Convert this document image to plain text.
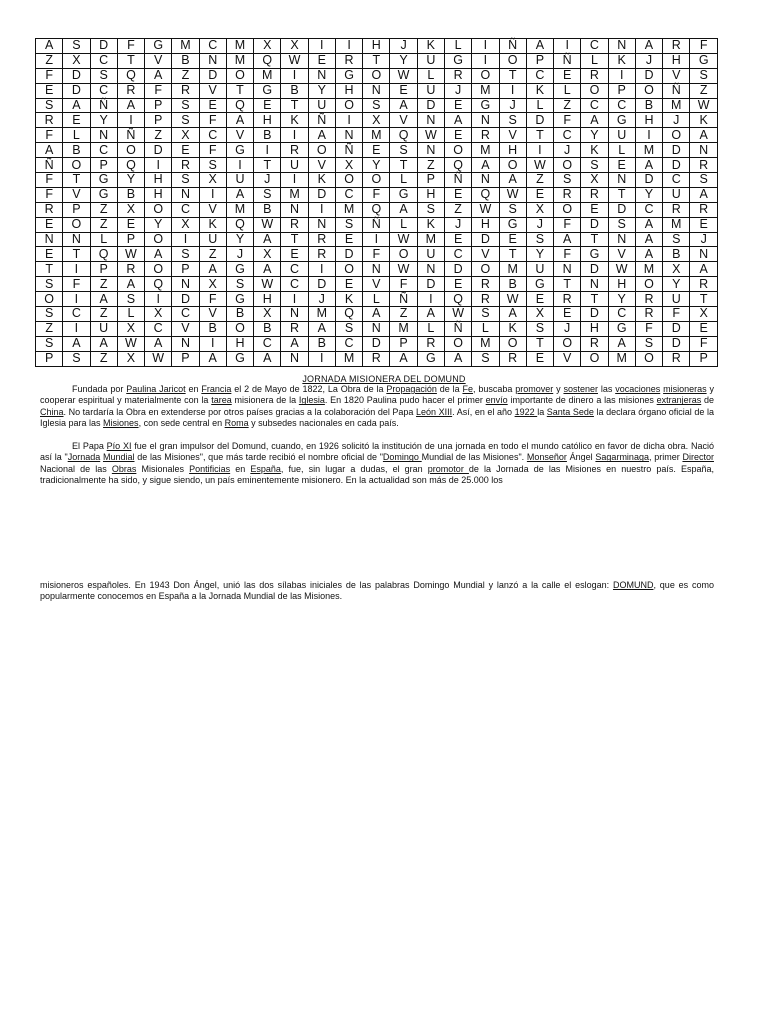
A	S	D	F	G	M	C	M	X	X	I	I	H	J	K	L	I	Ñ	A	I	C	N	A	R	F
Z	X	C	T	V	B	N	M	Q	W	E	R	T	Y	U	G	I	O	P	Ñ	L	K	J	H	G
F	D	S	Q	A	Z	D	O	M	I	N	G	O	W	L	R	O	T	C	E	R	I	D	V	S
E	D	C	R	F	R	V	T	G	B	Y	H	N	E	U	J	M	I	K	L	O	P	O	Ñ	Z
S	A	Ñ	A	P	S	E	Q	E	T	U	O	S	A	D	E	G	J	L	Z	C	C	B	M	W
R	E	Y	I	P	S	F	A	H	K	Ñ	I	X	V	N	A	N	S	D	F	A	G	H	J	K
F	L	N	Ñ	Z	X	C	V	B	I	A	N	M	Q	W	E	R	V	T	C	Y	U	I	O	A
A	B	C	O	D	E	F	G	I	R	O	Ñ	E	S	N	O	M	H	I	J	K	L	M	D	N
Ñ	O	P	Q	I	R	S	I	T	U	V	X	Y	T	Z	Q	A	O	W	O	S	E	A	D	R
F	T	G	Y	H	S	X	U	J	I	K	O	O	L	P	Ñ	N	A	Z	S	X	N	D	C	S
F	V	G	B	H	N	I	A	S	M	D	C	F	G	H	E	Q	W	E	R	R	T	Y	U	A
R	P	Z	X	O	C	V	M	B	N	I	M	Q	A	S	Z	W	S	X	O	E	D	C	R	R
E	O	Z	E	Y	X	K	Q	W	R	N	S	Ñ	L	K	J	H	G	J	F	D	S	A	M	E
N	N	L	P	O	I	U	Y	A	T	R	E	I	W	M	E	D	E	S	A	T	N	A	S	J
E	T	Q	W	A	S	Z	J	X	E	R	D	F	O	U	C	V	T	Y	F	G	V	A	B	N
T	I	P	R	O	P	A	G	A	C	I	O	N	W	N	D	O	M	U	N	D	W	M	X	A
S	F	Z	A	Q	N	X	S	W	C	D	E	V	F	D	E	R	B	G	T	N	H	O	Y	R
O	I	A	S	I	D	F	G	H	I	J	K	L	Ñ	I	Q	R	W	E	R	T	Y	R	U	T
S	C	Z	L	X	C	V	B	X	N	M	Q	A	Z	A	W	S	A	X	E	D	C	R	F	X
Z	I	U	X	C	V	B	O	B	R	A	S	N	M	L	Ñ	L	K	S	J	H	G	F	D	E
S	A	A	W	A	N	I	H	C	A	B	C	D	P	R	O	M	O	T	O	R	A	S	D	F
P	S	Z	X	W	P	A	G	A	N	I	M	R	A	G	A	S	R	E	V	O	M	O	R	P
JORNADA MISIONERA DEL DOMUND

Fundada por Paulina Jaricot en Francia el 2 de Mayo de 1822, La Obra de la Propagación de la Fe, buscaba promover y sostener las vocaciones misioneras y cooperar espiritual y materialmente con la tarea misionera de la Iglesia. En 1820 Paulina pudo hacer el primer envío importante de dinero a las misiones extranjeras de China. No tardaría la Obra en extenderse por otros países gracias a la colaboración del Papa León XIII. Así, en el año 1922 la Santa Sede la declara órgano oficial de la Iglesia para las Misiones, con sede central en Roma y subsedes nacionales en cada país.

El Papa Pío XI fue el gran impulsor del Domund, cuando, en 1926 solicitó la institución de una jornada en todo el mundo católico en favor de dicha obra. Nació así la "Jornada Mundial de las Misiones", que más tarde recibió el nombre oficial de "Domingo Mundial de las Misiones". Monseñor Ángel Sagarminaga, primer Director Nacional de las Obras Misionales Pontificias en España, fue, sin lugar a dudas, el gran promotor de la Jornada de las Misiones en nuestro país. España, tradicionalmente ha sido, y sigue siendo, un país eminentemente misionero. En la actualidad son más de 25.000 los

misioneros españoles. En 1943 Don Ángel, unió las dos sílabas iniciales de las palabras Domingo Mundial y lanzó a la calle el eslogan: DOMUND, que es como popularmente conocemos en España a la Jornada Mundial de las Misiones.
